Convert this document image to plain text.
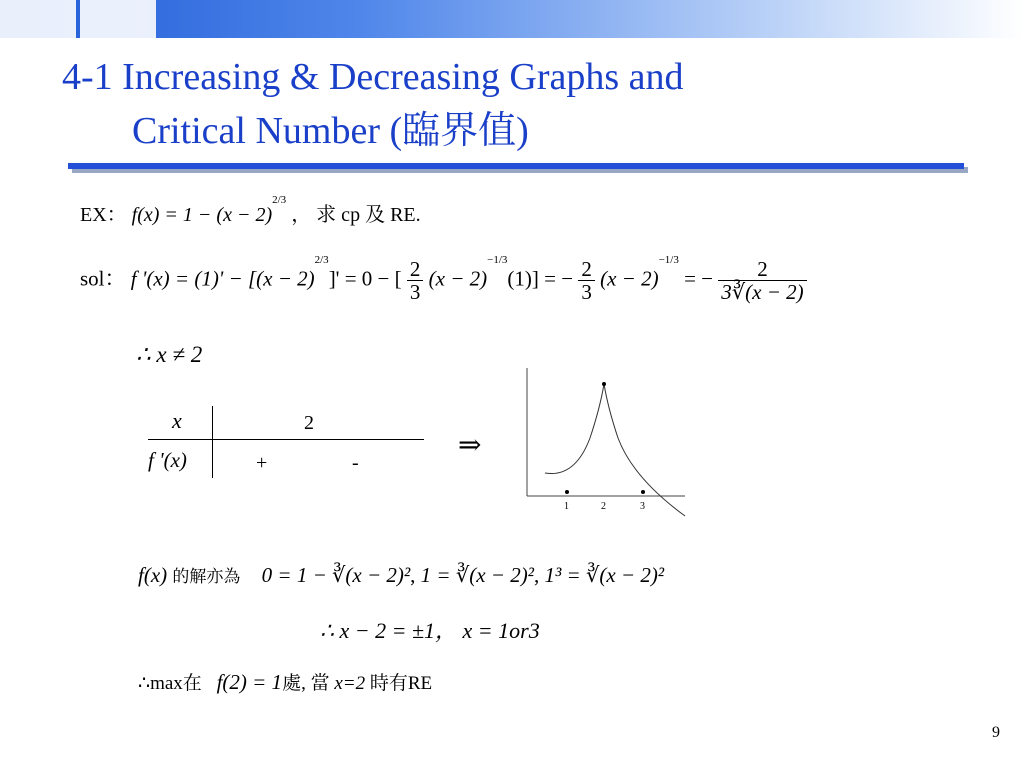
4-1 Increasing & Decreasing Graphs and
Critical Number (臨界值)
EX： $f(x) = 1 - (x - 2)^{2/3}$ ， 求 cp 及 RE.
sol： f '$(x) = (1)' - [(x - 2)^{2/3}]' = 0$ − [ $\frac{2}{3} (x - 2)^{-1/3}(1)$] = − $\frac{2}{3} (x - 2)^{-1/3}$ = − $\frac{2}{3∛(x - 2)}$
∴ x ≠ 2
x	2
f '(x)	+	-
⇒
1	2	3
f(x) 的解亦為 0 = 1 − ∛(x − 2)², 1 = ∛(x − 2)², 1³ = ∛(x − 2)²
∴ x − 2 = ±1， x = 1or3
∴max在 f(2) = 1處, 當 x=2 時有RE
9
